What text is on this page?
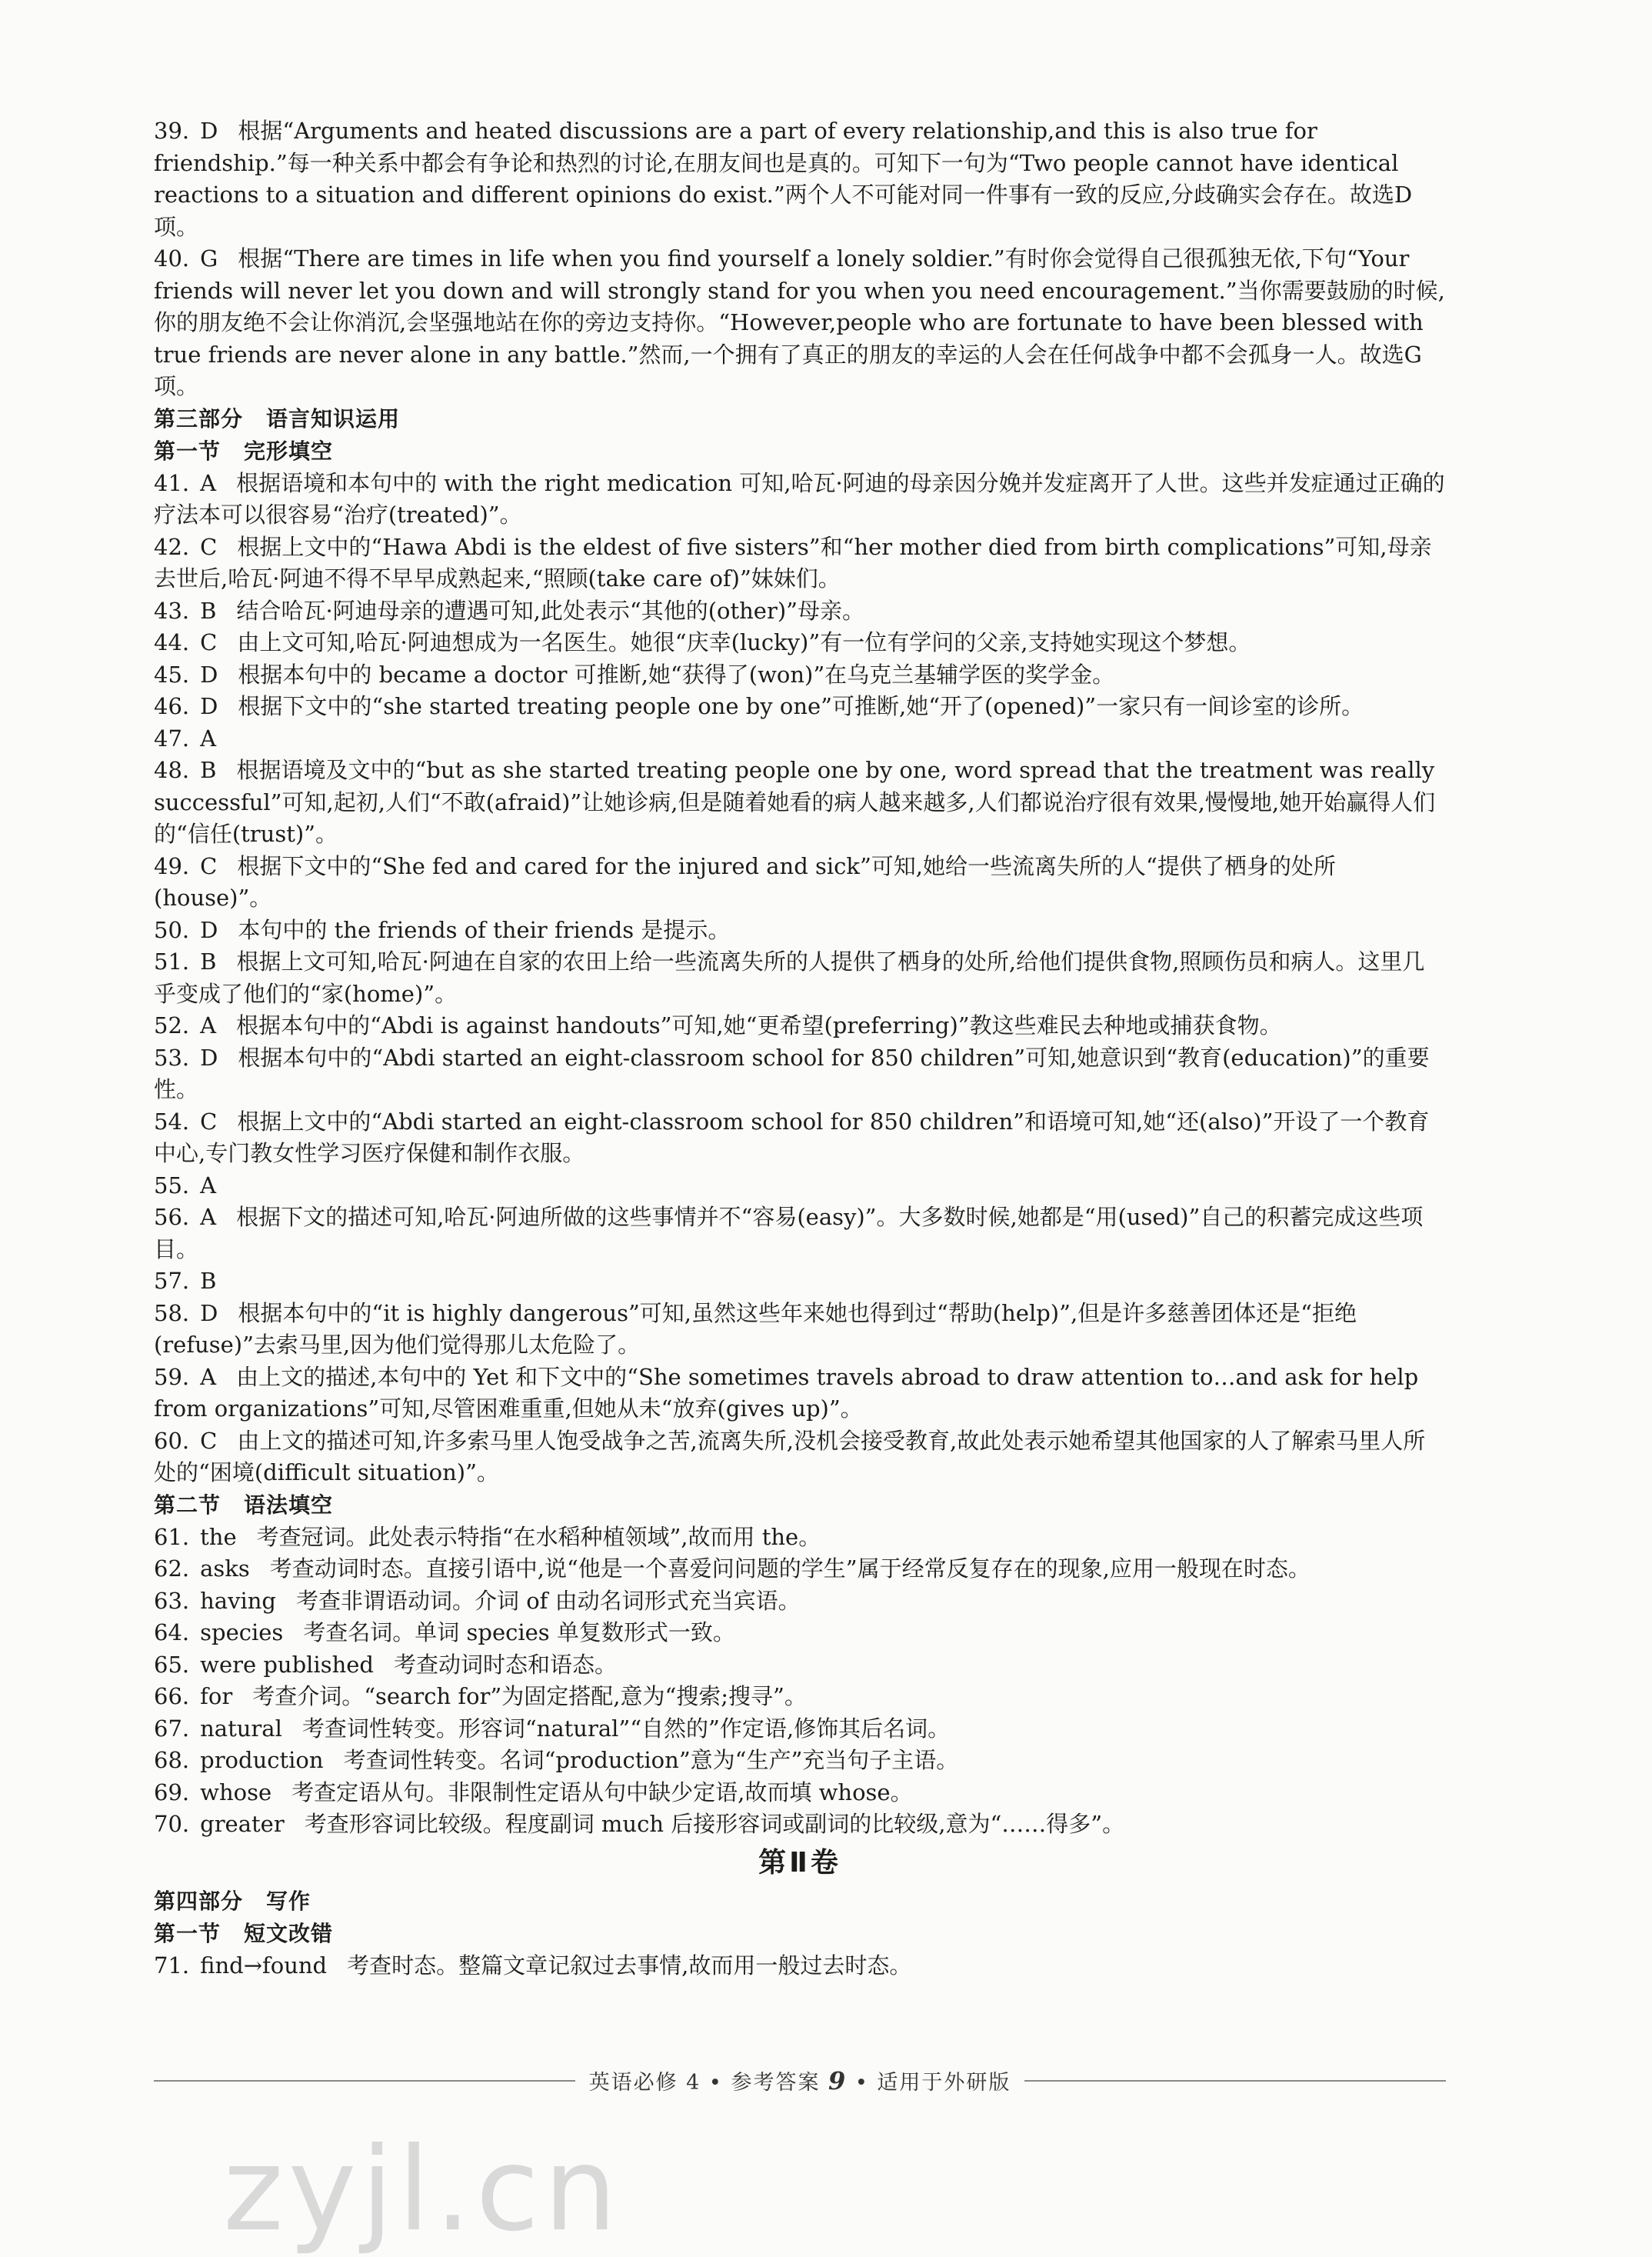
39. D 根据“Arguments and heated discussions are a part of every relationship,and this is also true for friendship.”每一种关系中都会有争论和热烈的讨论,在朋友间也是真的。可知下一句为“Two people cannot have identical reactions to a situation and different opinions do exist.”两个人不可能对同一件事有一致的反应,分歧确实会存在。故选D项。
40. G 根据“There are times in life when you find yourself a lonely soldier.”有时你会觉得自己很孤独无依,下句“Your friends will never let you down and will strongly stand for you when you need encouragement.”当你需要鼓励的时候,你的朋友绝不会让你消沉,会坚强地站在你的旁边支持你。“However,people who are fortunate to have been blessed with true friends are never alone in any battle.”然而,一个拥有了真正的朋友的幸运的人会在任何战争中都不会孤身一人。故选G项。
第三部分 语言知识运用
第一节 完形填空
41. A 根据语境和本句中的 with the right medication 可知,哈瓦·阿迪的母亲因分娩并发症离开了人世。这些并发症通过正确的疗法本可以很容易“治疗(treated)”。
42. C 根据上文中的“Hawa Abdi is the eldest of five sisters”和“her mother died from birth complications”可知,母亲去世后,哈瓦·阿迪不得不早早成熟起来,“照顾(take care of)”妹妹们。
43. B 结合哈瓦·阿迪母亲的遭遇可知,此处表示“其他的(other)”母亲。
44. C 由上文可知,哈瓦·阿迪想成为一名医生。她很“庆幸(lucky)”有一位有学问的父亲,支持她实现这个梦想。
45. D 根据本句中的 became a doctor 可推断,她“获得了(won)”在乌克兰基辅学医的奖学金。
46. D 根据下文中的“she started treating people one by one”可推断,她“开了(opened)”一家只有一间诊室的诊所。
47. A
48. B 根据语境及文中的“but as she started treating people one by one, word spread that the treatment was really successful”可知,起初,人们“不敢(afraid)”让她诊病,但是随着她看的病人越来越多,人们都说治疗很有效果,慢慢地,她开始赢得人们的“信任(trust)”。
49. C 根据下文中的“She fed and cared for the injured and sick”可知,她给一些流离失所的人“提供了栖身的处所(house)”。
50. D 本句中的 the friends of their friends 是提示。
51. B 根据上文可知,哈瓦·阿迪在自家的农田上给一些流离失所的人提供了栖身的处所,给他们提供食物,照顾伤员和病人。这里几乎变成了他们的“家(home)”。
52. A 根据本句中的“Abdi is against handouts”可知,她“更希望(preferring)”教这些难民去种地或捕获食物。
53. D 根据本句中的“Abdi started an eight-classroom school for 850 children”可知,她意识到“教育(education)”的重要性。
54. C 根据上文中的“Abdi started an eight-classroom school for 850 children”和语境可知,她“还(also)”开设了一个教育中心,专门教女性学习医疗保健和制作衣服。
55. A
56. A 根据下文的描述可知,哈瓦·阿迪所做的这些事情并不“容易(easy)”。大多数时候,她都是“用(used)”自己的积蓄完成这些项目。
57. B
58. D 根据本句中的“it is highly dangerous”可知,虽然这些年来她也得到过“帮助(help)”,但是许多慈善团体还是“拒绝(refuse)”去索马里,因为他们觉得那儿太危险了。
59. A 由上文的描述,本句中的 Yet 和下文中的“She sometimes travels abroad to draw attention to…and ask for help from organizations”可知,尽管困难重重,但她从未“放弃(gives up)”。
60. C 由上文的描述可知,许多索马里人饱受战争之苦,流离失所,没机会接受教育,故此处表示她希望其他国家的人了解索马里人所处的“困境(difficult situation)”。
第二节 语法填空
61. the 考查冠词。此处表示特指“在水稻种植领域”,故而用 the。
62. asks 考查动词时态。直接引语中,说“他是一个喜爱问问题的学生”属于经常反复存在的现象,应用一般现在时态。
63. having 考查非谓语动词。介词 of 由动名词形式充当宾语。
64. species 考查名词。单词 species 单复数形式一致。
65. were published 考查动词时态和语态。
66. for 考查介词。“search for”为固定搭配,意为“搜索;搜寻”。
67. natural 考查词性转变。形容词“natural”“自然的”作定语,修饰其后名词。
68. production 考查词性转变。名词“production”意为“生产”充当句子主语。
69. whose 考查定语从句。非限制性定语从句中缺少定语,故而填 whose。
70. greater 考查形容词比较级。程度副词 much 后接形容词或副词的比较级,意为“……得多”。
第Ⅱ卷
第四部分 写作
第一节 短文改错
71. find→found 考查时态。整篇文章记叙过去事情,故而用一般过去时态。
英语必修 4 • 参考答案 9 • 适用于外研版
zyjl.cn
